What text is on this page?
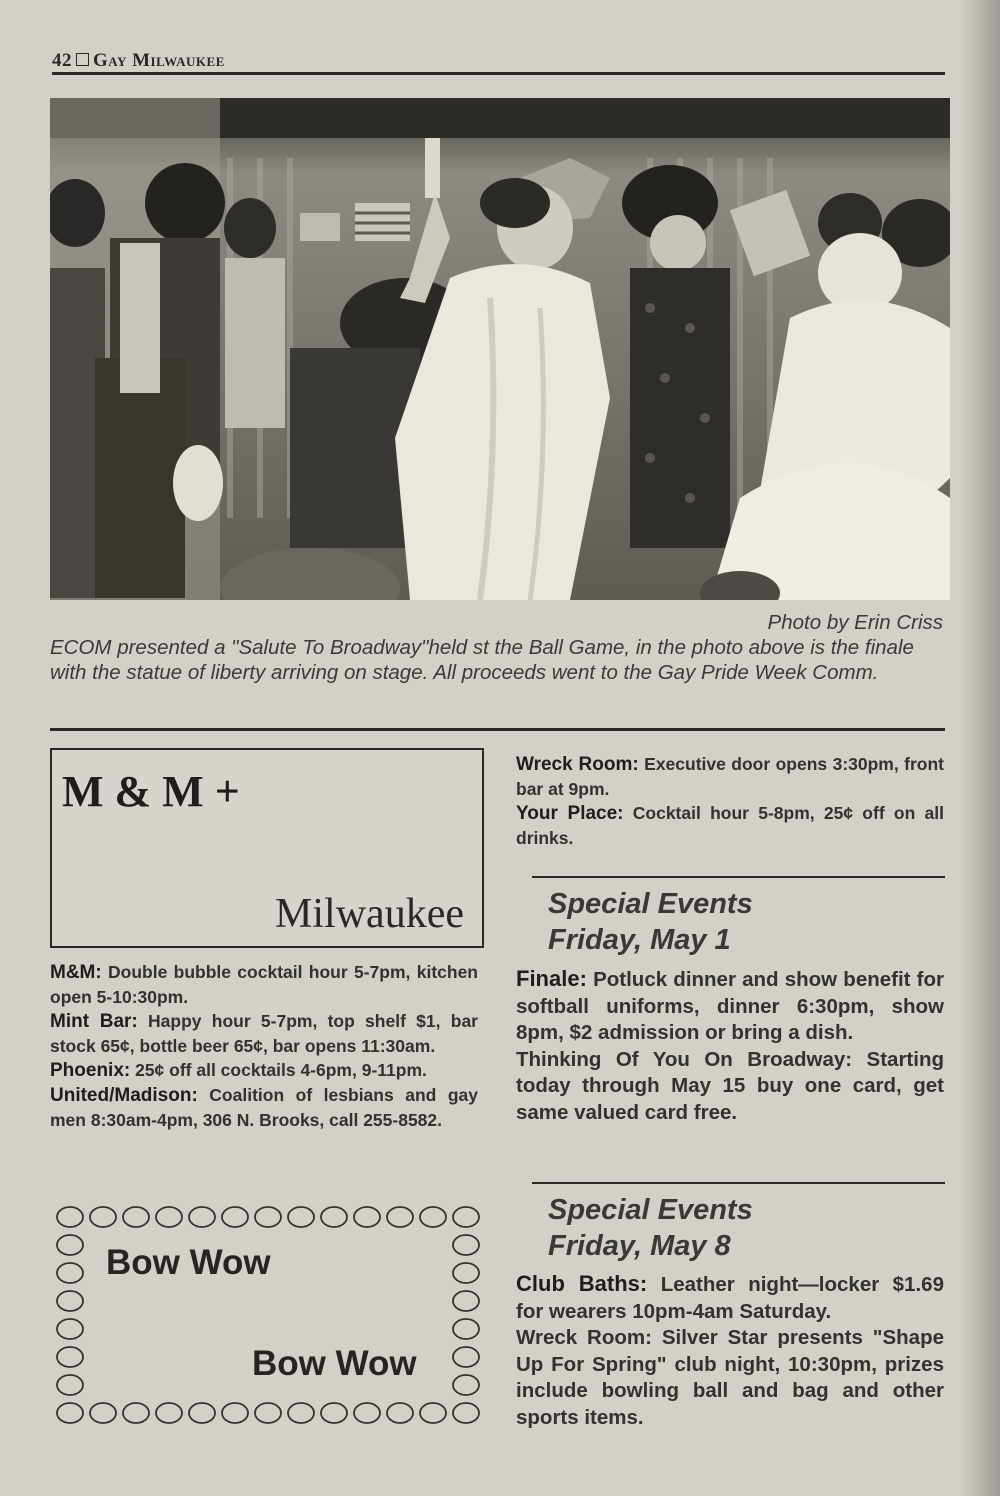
42 Gay Milwaukee
Photo by Erin Criss
ECOM presented a "Salute To Broadway"held st the Ball Game, in the photo above is the finale with the statue of liberty arriving on stage. All proceeds went to the Gay Pride Week Comm.
M & M +
Milwaukee

M&M: Double bubble cocktail hour 5-7pm, kitchen open 5-10:30pm.

Mint Bar: Happy hour 5-7pm, top shelf $1, bar stock 65¢, bottle beer 65¢, bar opens 11:30am.

Phoenix: 25¢ off all cocktails 4-6pm, 9-11pm.

United/Madison: Coalition of lesbians and gay men 8:30am-4pm, 306 N. Brooks, call 255-8582.

Bow Wow
Bow Wow

Wreck Room: Executive door opens 3:30pm, front bar at 9pm.

Your Place: Cocktail hour 5-8pm, 25¢ off on all drinks.

Special Events
Friday, May 1

Finale: Potluck dinner and show benefit for softball uniforms, dinner 6:30pm, show 8pm, $2 admission or bring a dish.

Thinking Of You On Broadway: Starting today through May 15 buy one card, get same valued card free.

Special Events
Friday, May 8

Club Baths: Leather night—locker $1.69 for wearers 10pm-4am Saturday.

Wreck Room: Silver Star presents "Shape Up For Spring" club night, 10:30pm, prizes include bowling ball and bag and other sports items.
